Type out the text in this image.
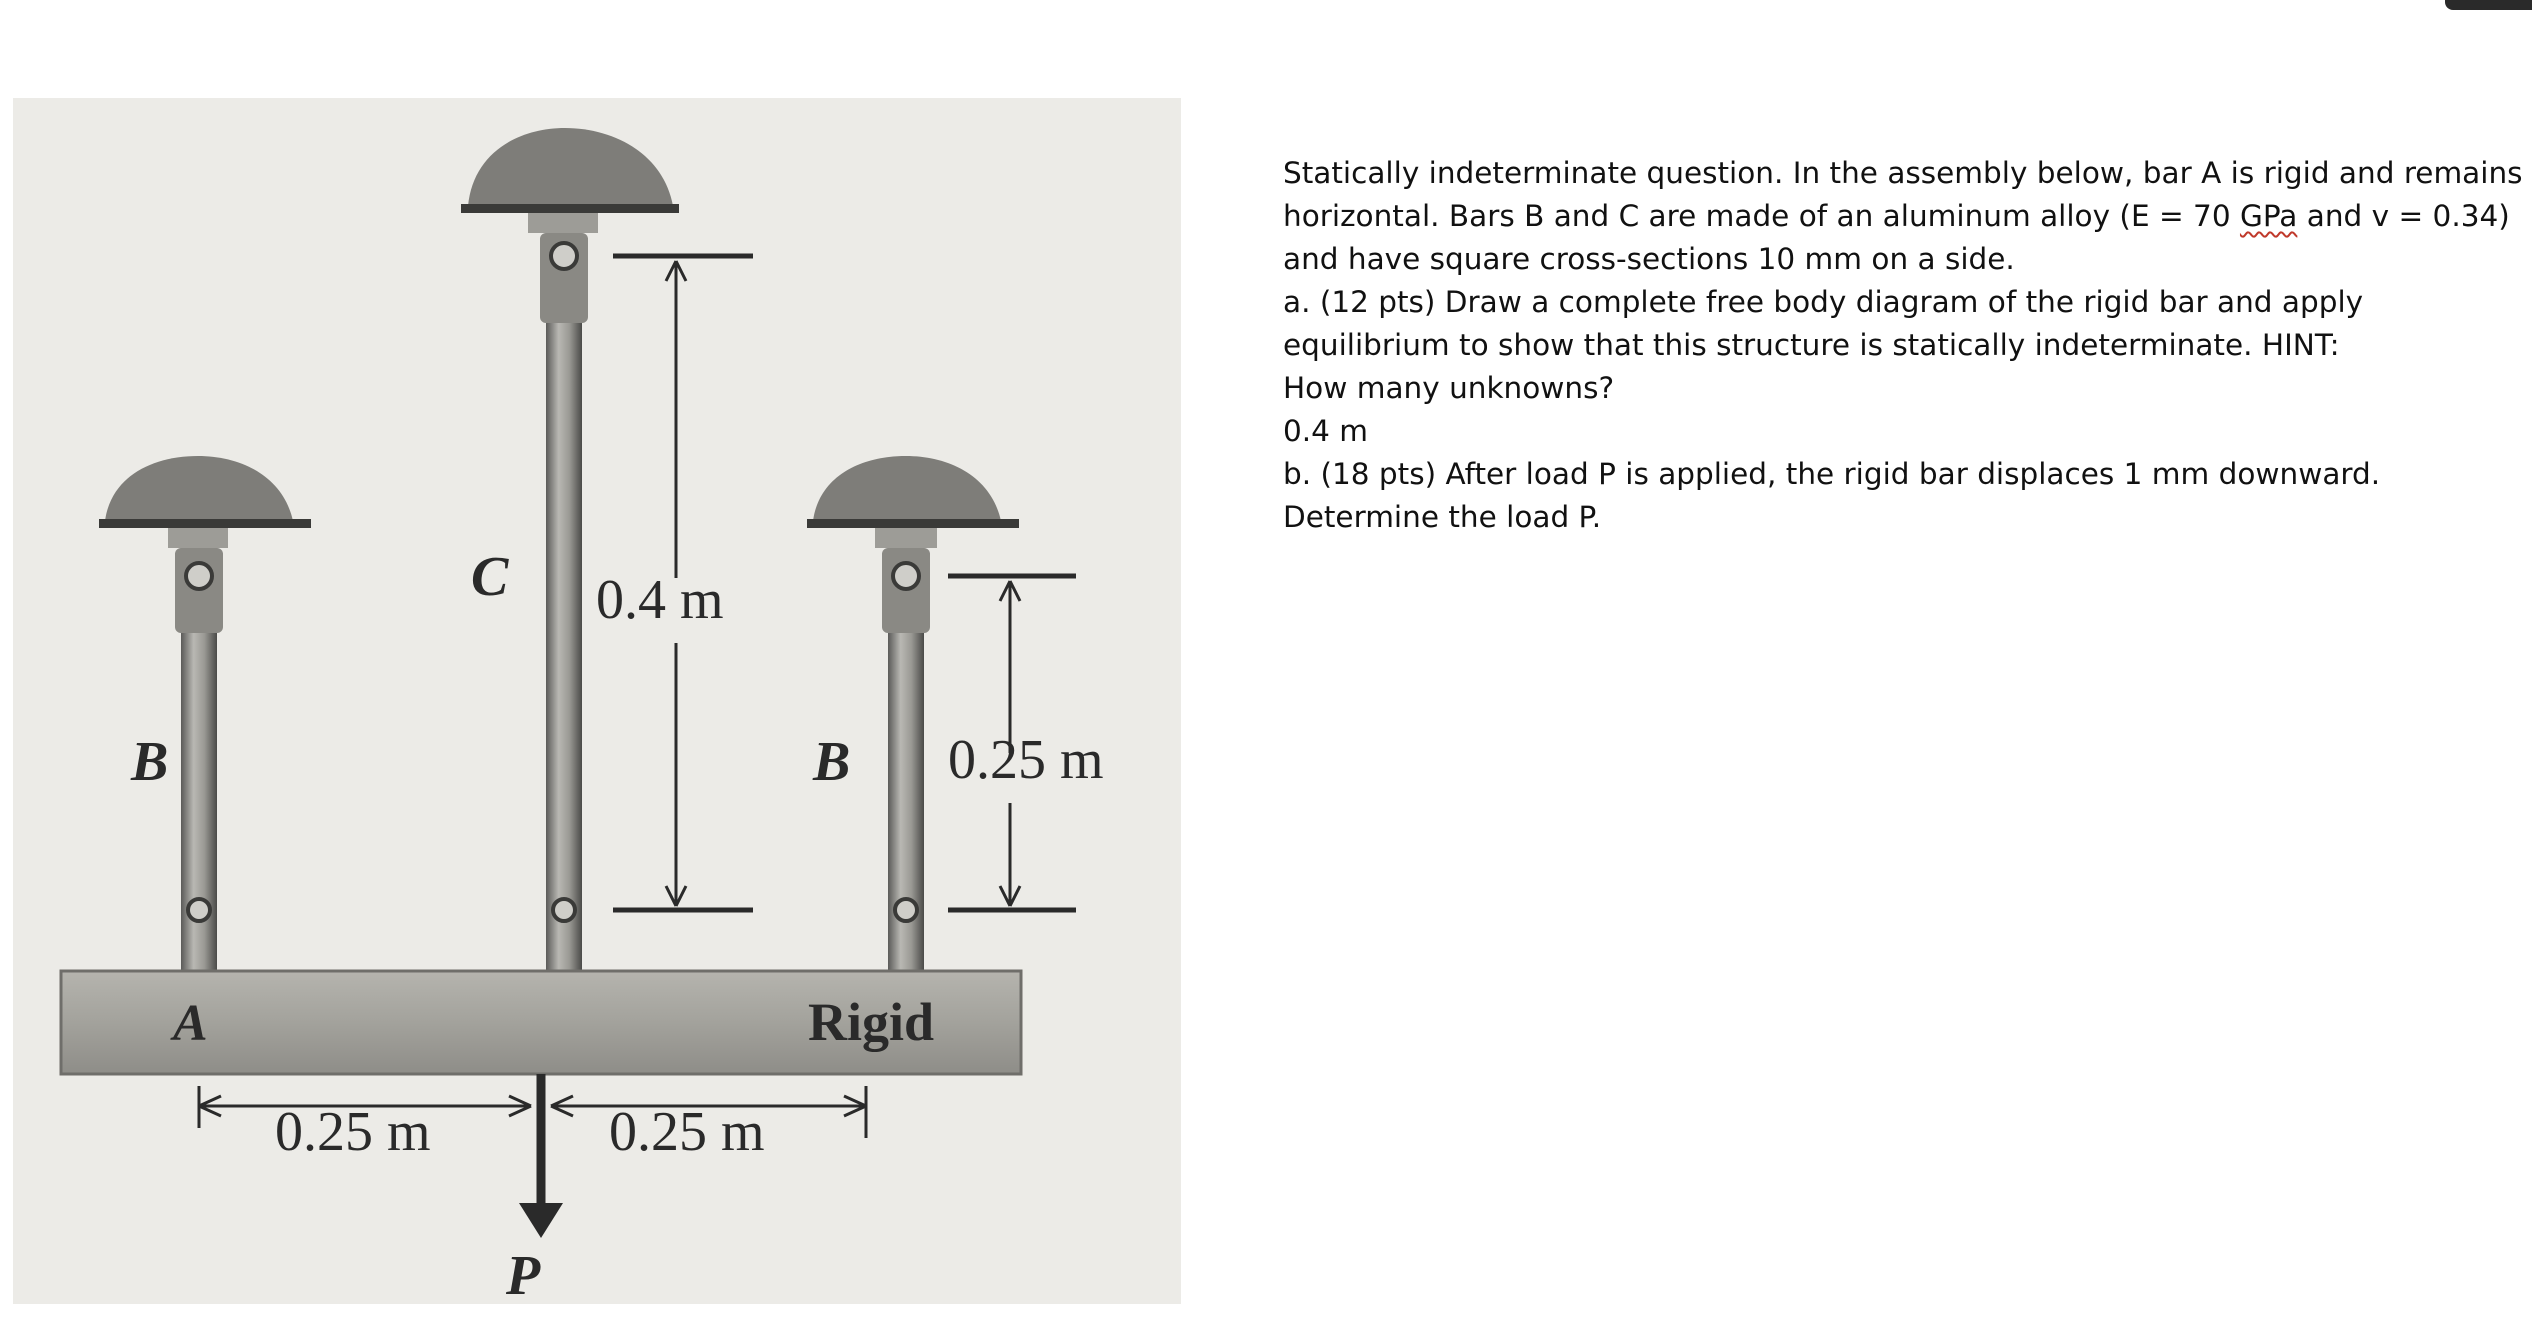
B
C
B
A	Rigid
P
0.4 m
0.25 m
0.25 m	0.25 m

Statically indeterminate question. In the assembly below, bar A is rigid and remains horizontal. Bars B and C are made of an aluminum alloy (E = 70 GPa and v = 0.34) and have square cross-sections 10 mm on a side.

a. (12 pts) Draw a complete free body diagram of the rigid bar and apply equilibrium to show that this structure is statically indeterminate. HINT:

How many unknowns?

0.4 m

b. (18 pts) After load P is applied, the rigid bar displaces 1 mm downward. Determine the load P.
